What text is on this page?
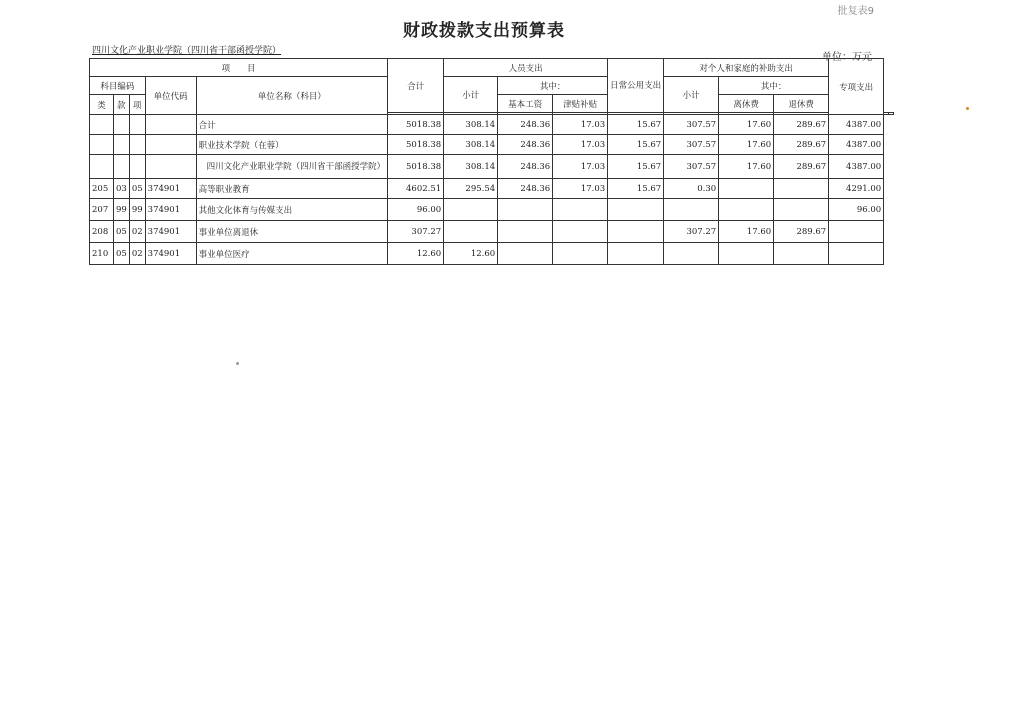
批复表9
财政拨款支出预算表
四川文化产业职业学院（四川省干部函授学院）
单位：万元
项　　目					合计	人员支出			日常公用支出	对个人和家庭的补助支出			专项支出		
科目编码			单位代码	单位名称（科目）		小计	其中：			小计	其中：				
类	款	项					基本工资	津贴补贴			离休费	退休费			

				合计	5018.38	308.14	248.36	17.03	15.67	307.57	17.60	289.67	4387.00		
				职业技术学院（在蓉）	5018.38	308.14	248.36	17.03	15.67	307.57	17.60	289.67	4387.00		
				四川文化产业职业学院（四川省干部函授学院）	5018.38	308.14	248.36	17.03	15.67	307.57	17.60	289.67	4387.00		
205	03	05	374901	高等职业教育	4602.51	295.54	248.36	17.03	15.67	0.30			4291.00		
207	99	99	374901	其他文化体育与传媒支出	96.00								96.00		
208	05	02	374901	事业单位离退休	307.27					307.27	17.60	289.67			
210	05	02	374901	事业单位医疗	12.60	12.60									
